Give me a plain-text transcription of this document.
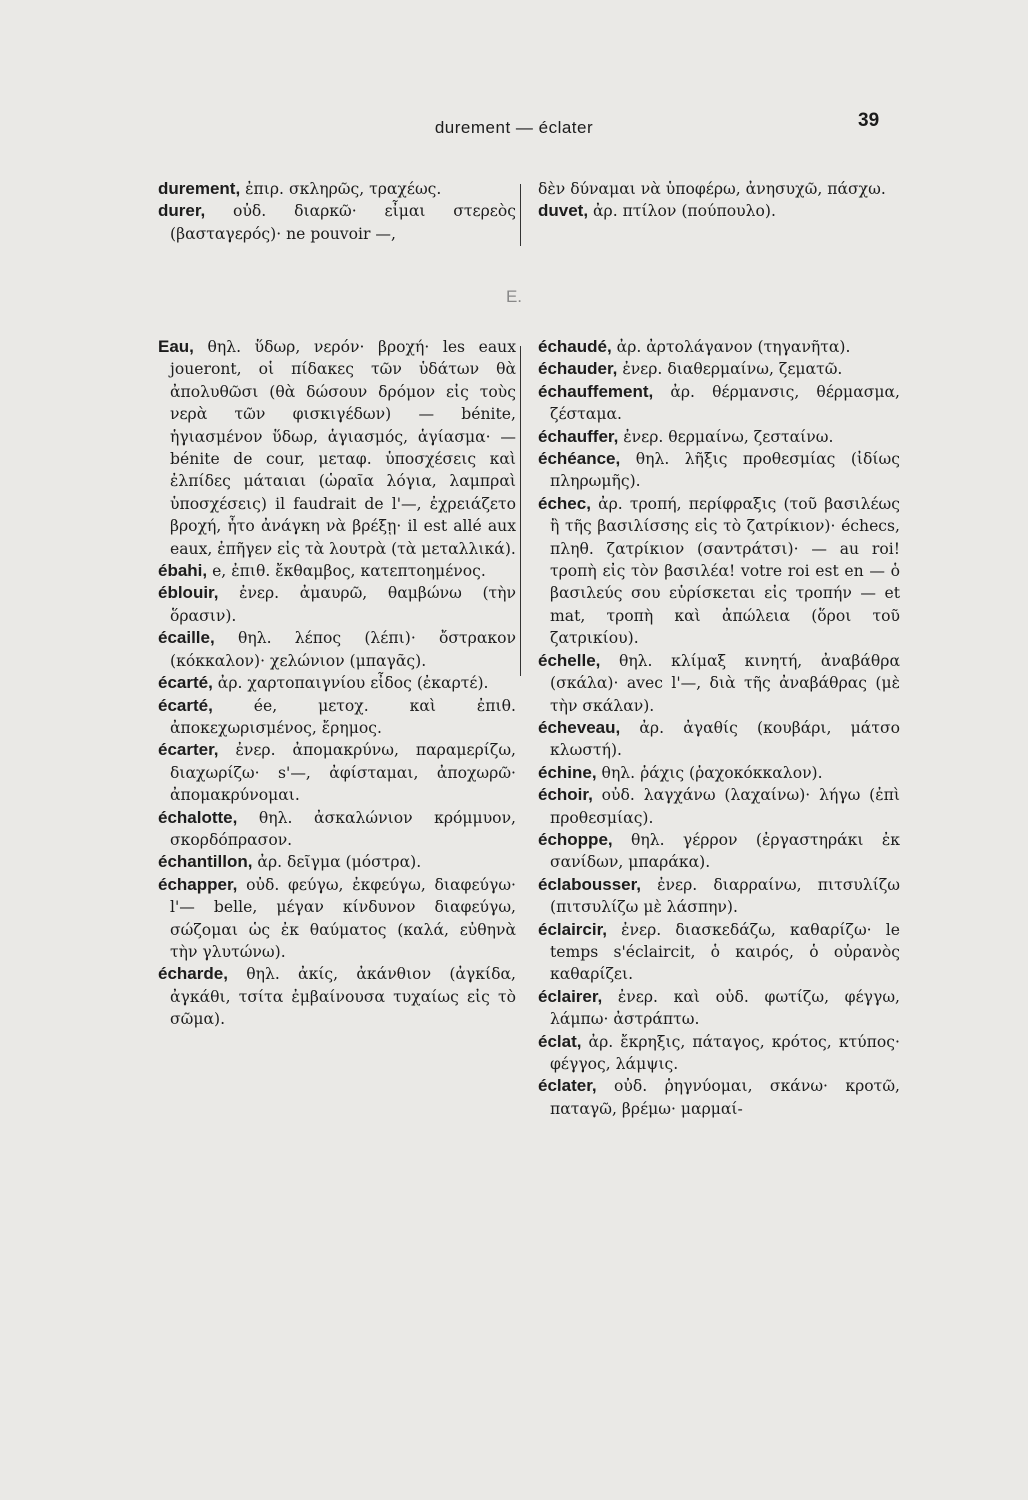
durement — éclater	39

durement, ἐπιρ. σκληρῶς, τραχέως.

durer, οὐδ. διαρκῶ· εἶμαι στερεὸς (βασταγερός)· ne pouvoir —,

δὲν δύναμαι νὰ ὑποφέρω, ἀνησυχῶ, πάσχω.

duvet, ἀρ. πτίλον (πούπουλο).

E.

Eau, θηλ. ὕδωρ, νερόν· βροχή· les eaux joueront, οἱ πίδακες τῶν ὑδάτων θὰ ἀπολυθῶσι (θὰ δώσουν δρόμον εἰς τοὺς νερὰ τῶν φισκιγέδων) — bénite, ἡγιασμένον ὕδωρ, ἁγιασμός, ἁγίασμα· — bénite de cour, μεταφ. ὑποσχέσεις καὶ ἐλπίδες μάταιαι (ὡραῖα λόγια, λαμπραὶ ὑποσχέσεις) il faudrait de l'—, ἐχρειάζετο βροχή, ἦτο ἀνάγκη νὰ βρέξῃ· il est allé aux eaux, ἐπῆγεν εἰς τὰ λουτρὰ (τὰ μεταλλικά).

ébahi, e, ἐπιθ. ἔκθαμβος, κατεπτοημένος.

éblouir, ἐνερ. ἀμαυρῶ, θαμβώνω (τὴν ὅρασιν).

écaille, θηλ. λέπος (λέπι)· ὄστρακον (κόκκαλον)· χελώνιον (μπαγᾶς).

écarté, ἀρ. χαρτοπαιγνίου εἶδος (ἐκαρτέ).

écarté, ée, μετοχ. καὶ ἐπιθ. ἀποκεχωρισμένος, ἔρημος.

écarter, ἐνερ. ἀπομακρύνω, παραμερίζω, διαχωρίζω· s'—, ἀφίσταμαι, ἀποχωρῶ· ἀπομακρύνομαι.

échalotte, θηλ. ἀσκαλώνιον κρόμμυον, σκορδόπρασον.

échantillon, ἀρ. δεῖγμα (μόστρα).

échapper, οὐδ. φεύγω, ἐκφεύγω, διαφεύγω· l'— belle, μέγαν κίνδυνον διαφεύγω, σώζομαι ὡς ἐκ θαύματος (καλά, εὐθηνὰ τὴν γλυτώνω).

écharde, θηλ. ἀκίς, ἀκάνθιον (ἀγκίδα, ἀγκάθι, τσίτα ἐμβαίνουσα τυχαίως εἰς τὸ σῶμα).

échaudé, ἀρ. ἀρτολάγανον (τηγανῆτα).

échauder, ἐνερ. διαθερμαίνω, ζεματῶ.

échauffement, ἀρ. θέρμανσις, θέρμασμα, ζέσταμα.

échauffer, ἐνερ. θερμαίνω, ζεσταίνω.

échéance, θηλ. λῆξις προθεσμίας (ἰδίως πληρωμῆς).

échec, ἀρ. τροπή, περίφραξις (τοῦ βασιλέως ἢ τῆς βασιλίσσης εἰς τὸ ζατρίκιον)· échecs, πληθ. ζατρίκιον (σαντράτσι)· — au roi! τροπὴ εἰς τὸν βασιλέα! votre roi est en — ὁ βασιλεύς σου εὑρίσκεται εἰς τροπήν — et mat, τροπὴ καὶ ἀπώλεια (ὅροι τοῦ ζατρικίου).

échelle, θηλ. κλίμαξ κινητή, ἀναβάθρα (σκάλα)· avec l'—, διὰ τῆς ἀναβάθρας (μὲ τὴν σκάλαν).

écheveau, ἀρ. ἀγαθίς (κουβάρι, μάτσο κλωστή).

échine, θηλ. ῥάχις (ῥαχοκόκκαλον).

échoir, οὐδ. λαγχάνω (λαχαίνω)· λήγω (ἐπὶ προθεσμίας).

échoppe, θηλ. γέρρον (ἐργαστηράκι ἐκ σανίδων, μπαράκα).

éclabousser, ἐνερ. διαρραίνω, πιτσυλίζω (πιτσυλίζω μὲ λάσπην).

éclaircir, ἐνερ. διασκεδάζω, καθαρίζω· le temps s'éclaircit, ὁ καιρός, ὁ οὐρανὸς καθαρίζει.

éclairer, ἐνερ. καὶ οὐδ. φωτίζω, φέγγω, λάμπω· ἀστράπτω.

éclat, ἀρ. ἔκρηξις, πάταγος, κρότος, κτύπος· φέγγος, λάμψις.

éclater, οὐδ. ῥηγνύομαι, σκάνω· κροτῶ, παταγῶ, βρέμω· μαρμαί-
